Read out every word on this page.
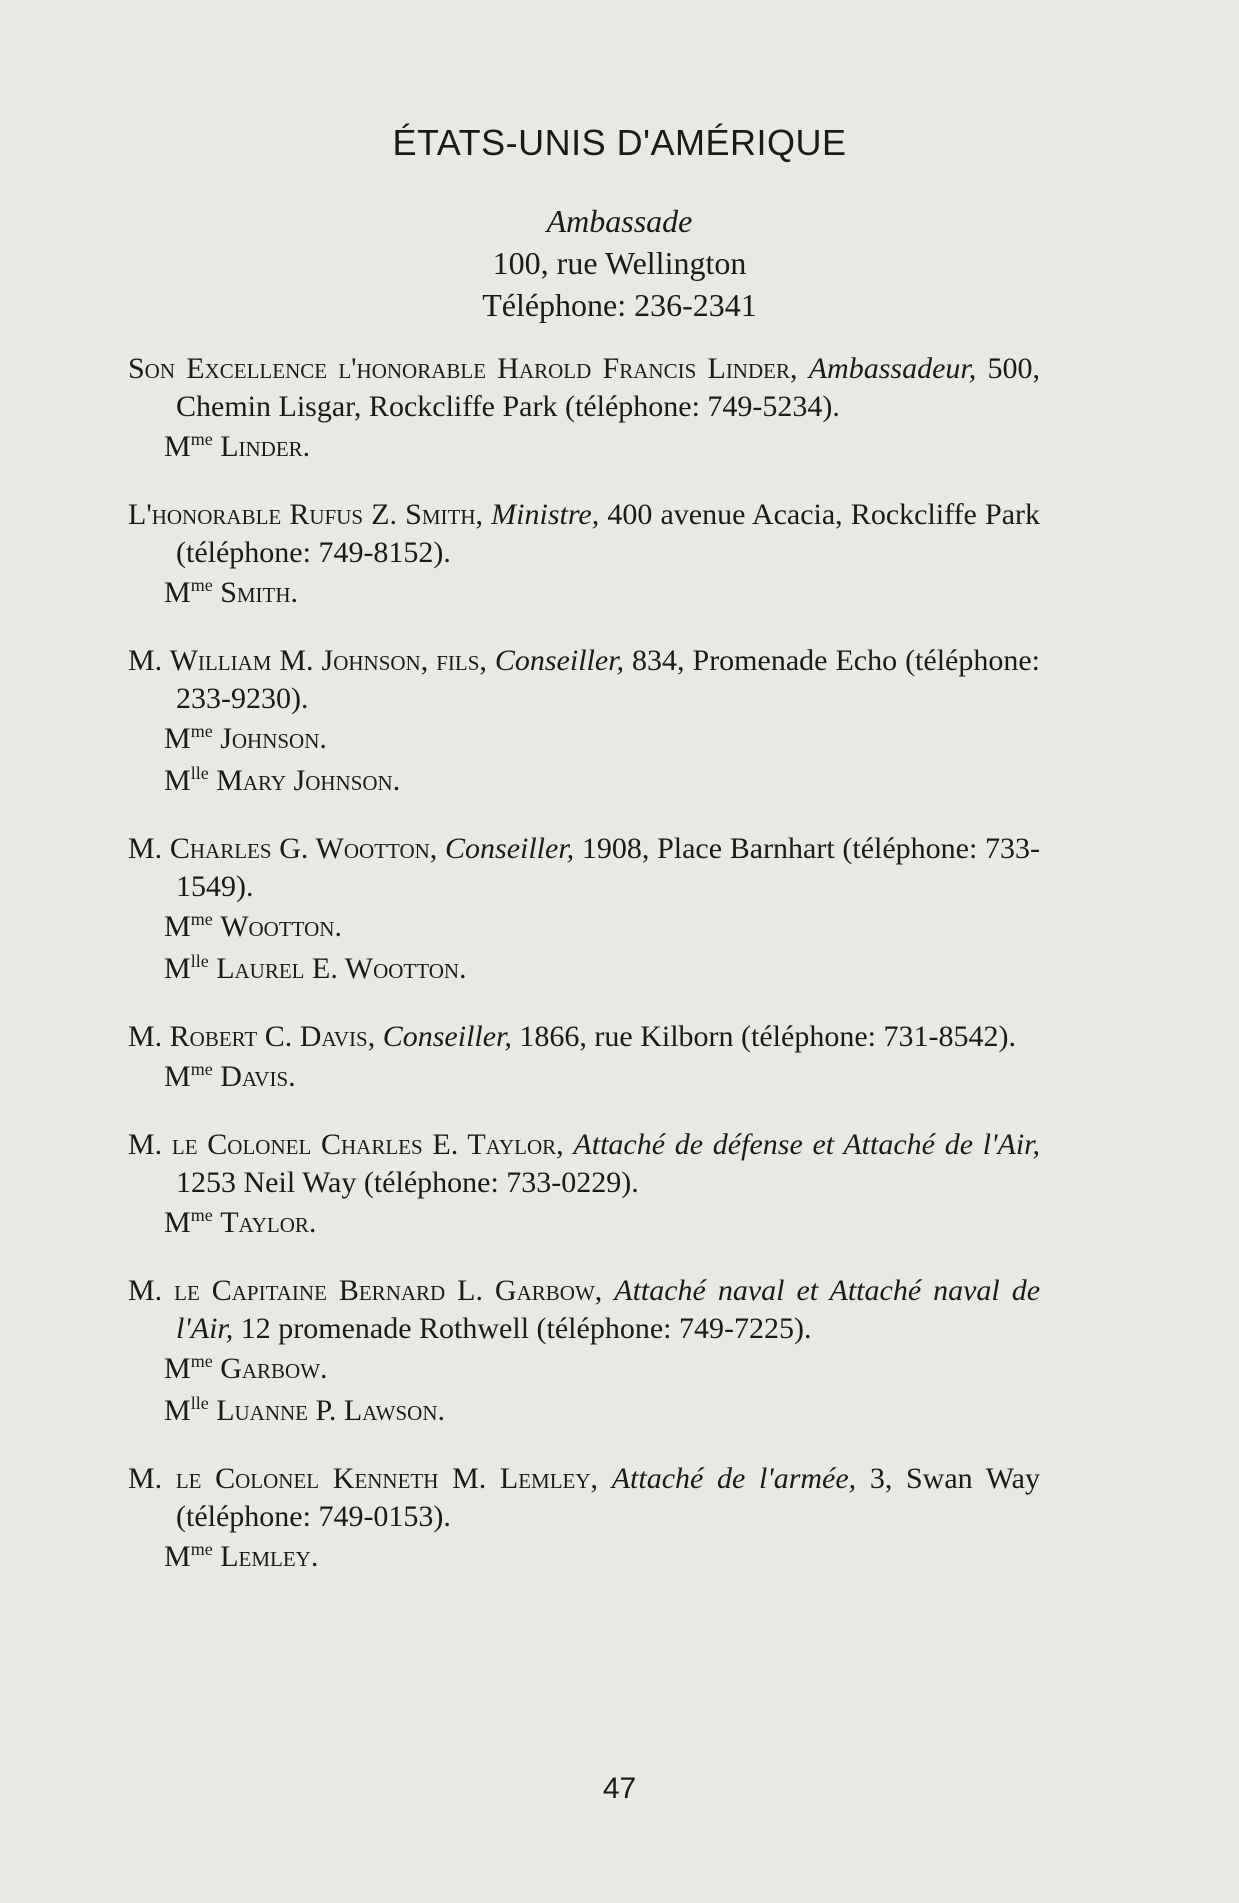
ÉTATS-UNIS D'AMÉRIQUE
Ambassade
100, rue Wellington
Téléphone: 236-2341
Son Excellence l'honorable Harold Francis Linder, Ambassadeur, 500, Chemin Lisgar, Rockcliffe Park (téléphone: 749-5234).
$M^{me}$ Linder.
L'honorable Rufus Z. Smith, Ministre, 400 avenue Acacia, Rockcliffe Park (téléphone: 749-8152).
$M^{me}$ Smith.
M. William M. Johnson, fils, Conseiller, 834, Promenade Echo (téléphone: 233-9230).
$M^{me}$ Johnson.
$M^{lle}$ Mary Johnson.
M. Charles G. Wootton, Conseiller, 1908, Place Barnhart (téléphone: 733-1549).
$M^{me}$ Wootton.
$M^{lle}$ Laurel E. Wootton.
M. Robert C. Davis, Conseiller, 1866, rue Kilborn (téléphone: 731-8542).
$M^{me}$ Davis.
M. le Colonel Charles E. Taylor, Attaché de défense et Attaché de l'Air, 1253 Neil Way (téléphone: 733-0229).
$M^{me}$ Taylor.
M. le Capitaine Bernard L. Garbow, Attaché naval et Attaché naval de l'Air, 12 promenade Rothwell (téléphone: 749-7225).
$M^{me}$ Garbow.
$M^{lle}$ Luanne P. Lawson.
M. le Colonel Kenneth M. Lemley, Attaché de l'armée, 3, Swan Way (téléphone: 749-0153).
$M^{me}$ Lemley.
47
